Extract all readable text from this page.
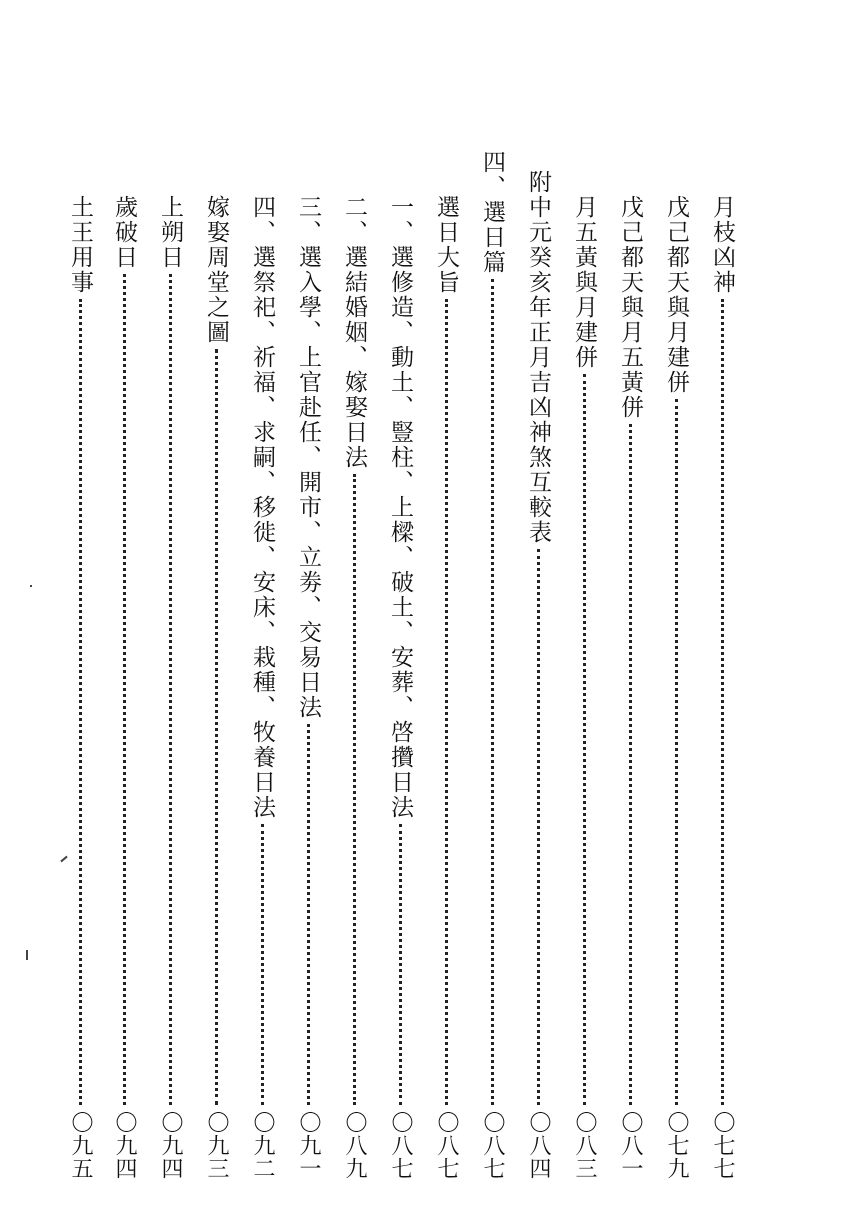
月枝凶神
〇七七
戊己都天與月建併
〇七九
戊己都天與月五黃併
〇八一
月五黃與月建併
〇八三
附中元癸亥年正月吉凶神煞互較表
〇八四
四、選日篇
〇八七
選日大旨
〇八七
一、選修造、動土、豎柱、上樑、破土、安葬、啓攢日法
〇八七
二、選結婚姻、嫁娶日法
〇八九
三、選入學、上官赴任、開市、立劵、交易日法
〇九一
四、選祭祀、祈福、求嗣、移徙、安床、栽種、牧養日法
〇九二
嫁娶周堂之圖
〇九三
上朔日
〇九四
歲破日
〇九四
土王用事
〇九五
